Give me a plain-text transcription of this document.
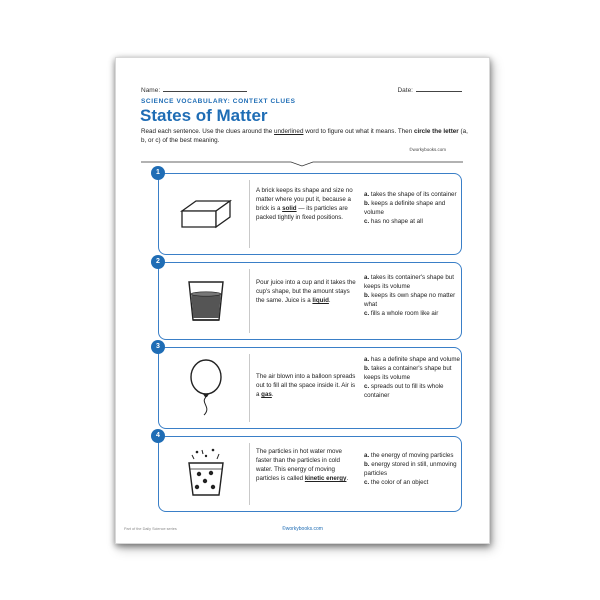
Name:	Date:
SCIENCE VOCABULARY: CONTEXT CLUES
States of Matter
Read each sentence. Use the clues around the underlined word to figure out what it means. Then circle the letter (a, b, or c) of the best meaning.
©workybooks.com
1
A brick keeps its shape and size no matter where you put it, because a brick is a solid — its particles are packed tightly in fixed positions.
a. takes the shape of its container
b. keeps a definite shape and volume
c. has no shape at all
2
Pour juice into a cup and it takes the cup's shape, but the amount stays the same. Juice is a liquid.
a. takes its container's shape but keeps its volume
b. keeps its own shape no matter what
c. fills a whole room like air
3
The air blown into a balloon spreads out to fill all the space inside it. Air is a gas.
a. has a definite shape and volume
b. takes a container's shape but keeps its volume
c. spreads out to fill its whole container
4
The particles in hot water move faster than the particles in cold water. This energy of moving particles is called kinetic energy.
a. the energy of moving particles
b. energy stored in still, unmoving particles
c. the color of an object
Part of the Daily Science series	©workybooks.com
